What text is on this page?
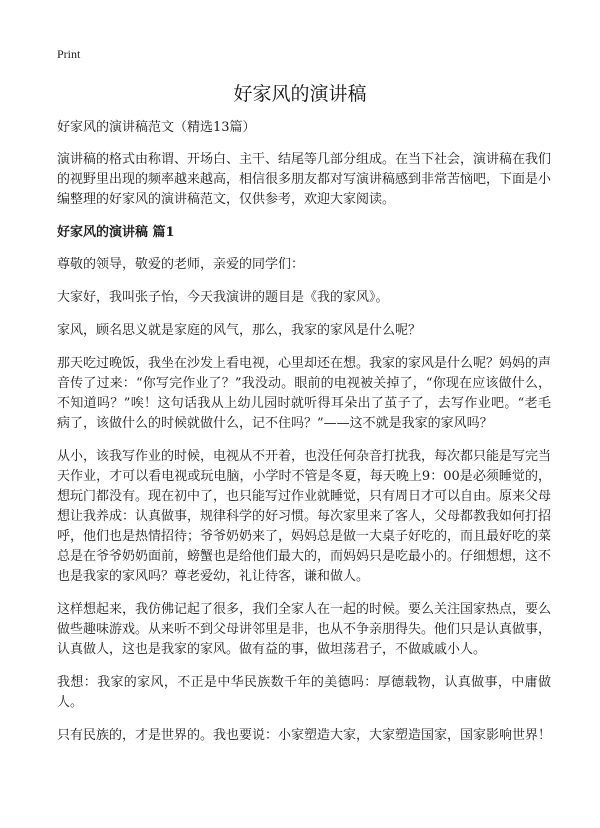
Print
好家风的演讲稿

好家风的演讲稿范文（精选13篇）

演讲稿的格式由称谓、开场白、主干、结尾等几部分组成。在当下社会，演讲稿在我们的视野里出现的频率越来越高，相信很多朋友都对写演讲稿感到非常苦恼吧，下面是小编整理的好家风的演讲稿范文，仅供参考，欢迎大家阅读。

好家风的演讲稿 篇1

尊敬的领导，敬爱的老师，亲爱的同学们：

大家好，我叫张子怡，今天我演讲的题目是《我的家风》。

家风，顾名思义就是家庭的风气，那么，我家的家风是什么呢？

那天吃过晚饭，我坐在沙发上看电视，心里却还在想。我家的家风是什么呢？妈妈的声音传了过来：“你写完作业了？”我没动。眼前的电视被关掉了，“你现在应该做什么，不知道吗？”唉！这句话我从上幼儿园时就听得耳朵出了茧子了，去写作业吧。“老毛病了，该做什么的时候就做什么，记不住吗？”——这不就是我家的家风吗？

从小，该我写作业的时候，电视从不开着，也没任何杂音打扰我，每次都只能是写完当天作业，才可以看电视或玩电脑，小学时不管是冬夏，每天晚上9：00是必须睡觉的，想玩门都没有。现在初中了，也只能写过作业就睡觉，只有周日才可以自由。原来父母想让我养成：认真做事，规律科学的好习惯。每次家里来了客人，父母都教我如何打招呼，他们也是热情招待；爷爷奶奶来了，妈妈总是做一大桌子好吃的，而且最好吃的菜总是在爷爷奶奶面前，螃蟹也是给他们最大的，而妈妈只是吃最小的。仔细想想，这不也是我家的家风吗？尊老爱幼，礼让待客，谦和做人。

这样想起来，我仿佛记起了很多，我们全家人在一起的时候。要么关注国家热点，要么做些趣味游戏。从来听不到父母讲邻里是非，也从不争亲朋得失。他们只是认真做事，认真做人，这也是我家的家风。做有益的事，做坦荡君子，不做戚戚小人。

我想：我家的家风，不正是中华民族数千年的美德吗：厚德载物，认真做事，中庸做人。

只有民族的，才是世界的。我也要说：小家塑造大家，大家塑造国家，国家影响世界！
